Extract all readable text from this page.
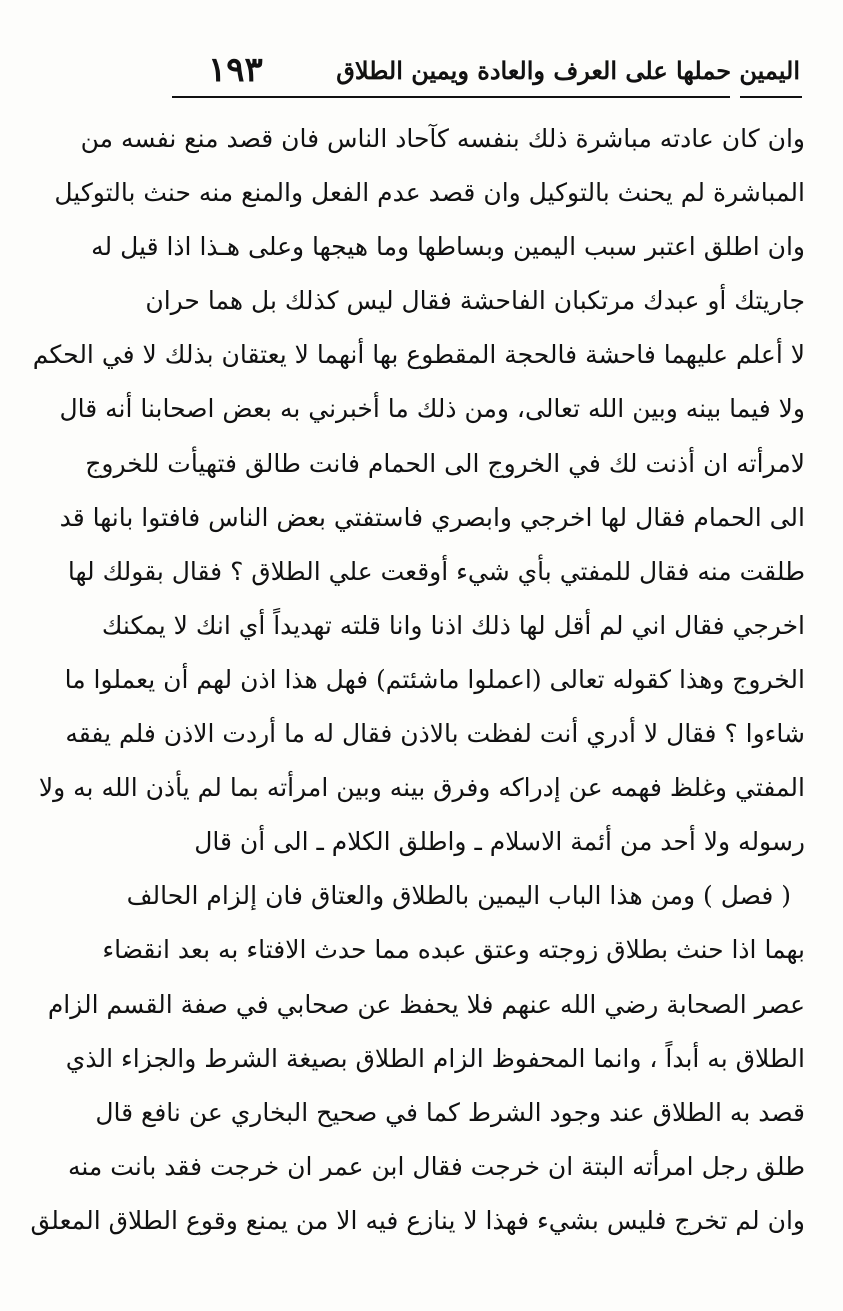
اليمين حملها على العرف والعادة ويمين الطلاق
١٩٣
وان كان عادته مباشرة ذلك بنفسه كآحاد الناس فان قصد منع نفسه من
المباشرة لم يحنث بالتوكيل وان قصد عدم الفعل والمنع منه حنث بالتوكيل
وان اطلق اعتبر سبب اليمين وبساطها وما هيجها وعلى هـذا اذا قيل له
جاريتك أو عبدك مرتكبان الفاحشة فقال ليس كذلك بل هما حران
لا أعلم عليهما فاحشة فالحجة المقطوع بها أنهما لا يعتقان بذلك لا في الحكم
ولا فيما بينه وبين الله تعالى، ومن ذلك ما أخبرني به بعض اصحابنا أنه قال
لامرأته ان أذنت لك في الخروج الى الحمام فانت طالق فتهيأت للخروج
الى الحمام فقال لها اخرجي وابصري فاستفتي بعض الناس فافتوا بانها قد
طلقت منه فقال للمفتي بأي شيء أوقعت علي الطلاق ؟ فقال بقولك لها
اخرجي فقال اني لم أقل لها ذلك اذنا وانا قلته تهديداً أي انك لا يمكنك
الخروج وهذا كقوله تعالى (اعملوا ماشئتم) فهل هذا اذن لهم أن يعملوا ما
شاءوا ؟ فقال لا أدري أنت لفظت بالاذن فقال له ما أردت الاذن فلم يفقه
المفتي وغلظ فهمه عن إدراكه وفرق بينه وبين امرأته بما لم يأذن الله به ولا
رسوله ولا أحد من أئمة الاسلام ـ واطلق الكلام ـ الى أن قال
( فصل ) ومن هذا الباب اليمين بالطلاق والعتاق فان إلزام الحالف
بهما اذا حنث بطلاق زوجته وعتق عبده مما حدث الافتاء به بعد انقضاء
عصر الصحابة رضي الله عنهم فلا يحفظ عن صحابي في صفة القسم الزام
الطلاق به أبداً ، وانما المحفوظ الزام الطلاق بصيغة الشرط والجزاء الذي
قصد به الطلاق عند وجود الشرط كما في صحيح البخاري عن نافع قال
طلق رجل امرأته البتة ان خرجت فقال ابن عمر ان خرجت فقد بانت منه
وان لم تخرج فليس بشيء فهذا لا ينازع فيه الا من يمنع وقوع الطلاق المعلق
